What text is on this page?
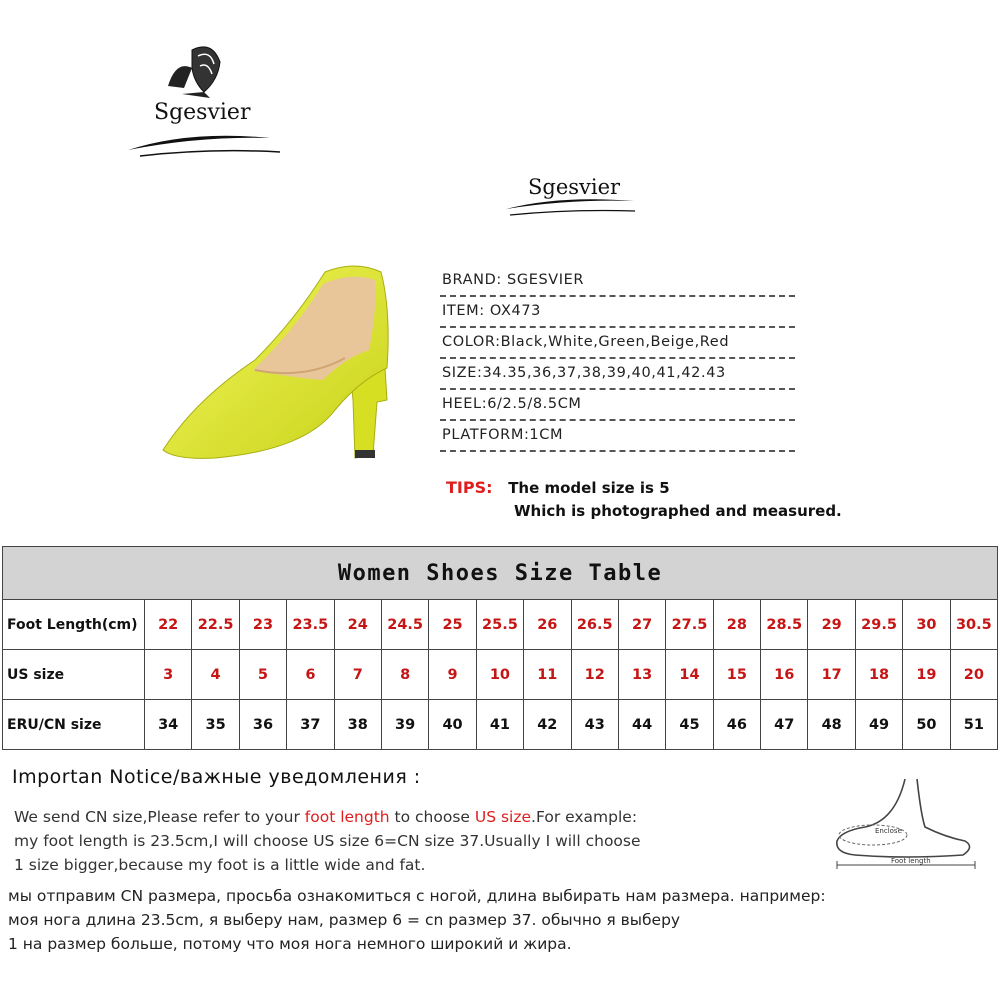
Sgesvier
Sgesvier
BRAND: SGESVIER
ITEM: OX473
COLOR:Black,White,Green,Beige,Red
SIZE:34.35,36,37,38,39,40,41,42.43
HEEL:6/2.5/8.5CM
PLATFORM:1CM
TIPS: The model size is 5
Which is photographed and measured.
Women Shoes Size Table																		
Foot Length(cm)	22	22.5	23	23.5	24	24.5	25	25.5	26	26.5	27	27.5	28	28.5	29	29.5	30	30.5
US size	3	4	5	6	7	8	9	10	11	12	13	14	15	16	17	18	19	20
ERU/CN size	34	35	36	37	38	39	40	41	42	43	44	45	46	47	48	49	50	51
Importan Notice/важные уведомления :
We send CN size,Please refer to your foot length to choose US size.For example:
my foot length is 23.5cm,I will choose US size 6=CN size 37.Usually I will choose
1 size bigger,because my foot is a little wide and fat.
мы отправим CN размера, просьба ознакомиться с ногой, длина выбирать нам размера. например:
моя нога длина 23.5cm, я выберу нам, размер 6 = cn размер 37. обычно я выберу
1 на размер больше, потому что моя нога немного широкий и жира.
Enclose
Foot length
